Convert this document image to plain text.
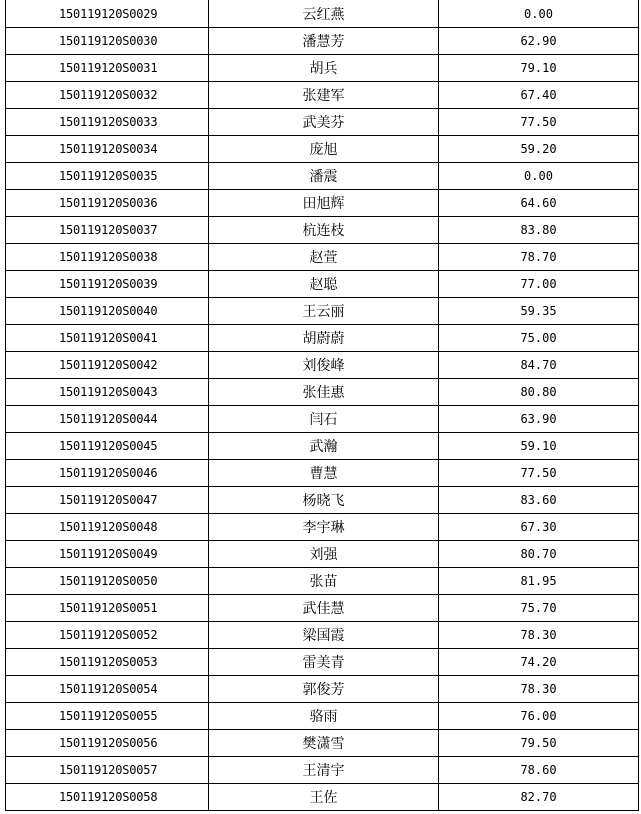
150119120S0029	云红燕	0.00
150119120S0030	潘慧芳	62.90
150119120S0031	胡兵	79.10
150119120S0032	张建军	67.40
150119120S0033	武美芬	77.50
150119120S0034	庞旭	59.20
150119120S0035	潘震	0.00
150119120S0036	田旭辉	64.60
150119120S0037	杭连枝	83.80
150119120S0038	赵萱	78.70
150119120S0039	赵聪	77.00
150119120S0040	王云丽	59.35
150119120S0041	胡蔚蔚	75.00
150119120S0042	刘俊峰	84.70
150119120S0043	张佳惠	80.80
150119120S0044	闫石	63.90
150119120S0045	武瀚	59.10
150119120S0046	曹慧	77.50
150119120S0047	杨晓飞	83.60
150119120S0048	李宇琳	67.30
150119120S0049	刘强	80.70
150119120S0050	张苗	81.95
150119120S0051	武佳慧	75.70
150119120S0052	梁国霞	78.30
150119120S0053	雷美青	74.20
150119120S0054	郭俊芳	78.30
150119120S0055	骆雨	76.00
150119120S0056	樊潇雪	79.50
150119120S0057	王清宇	78.60
150119120S0058	王佐	82.70
